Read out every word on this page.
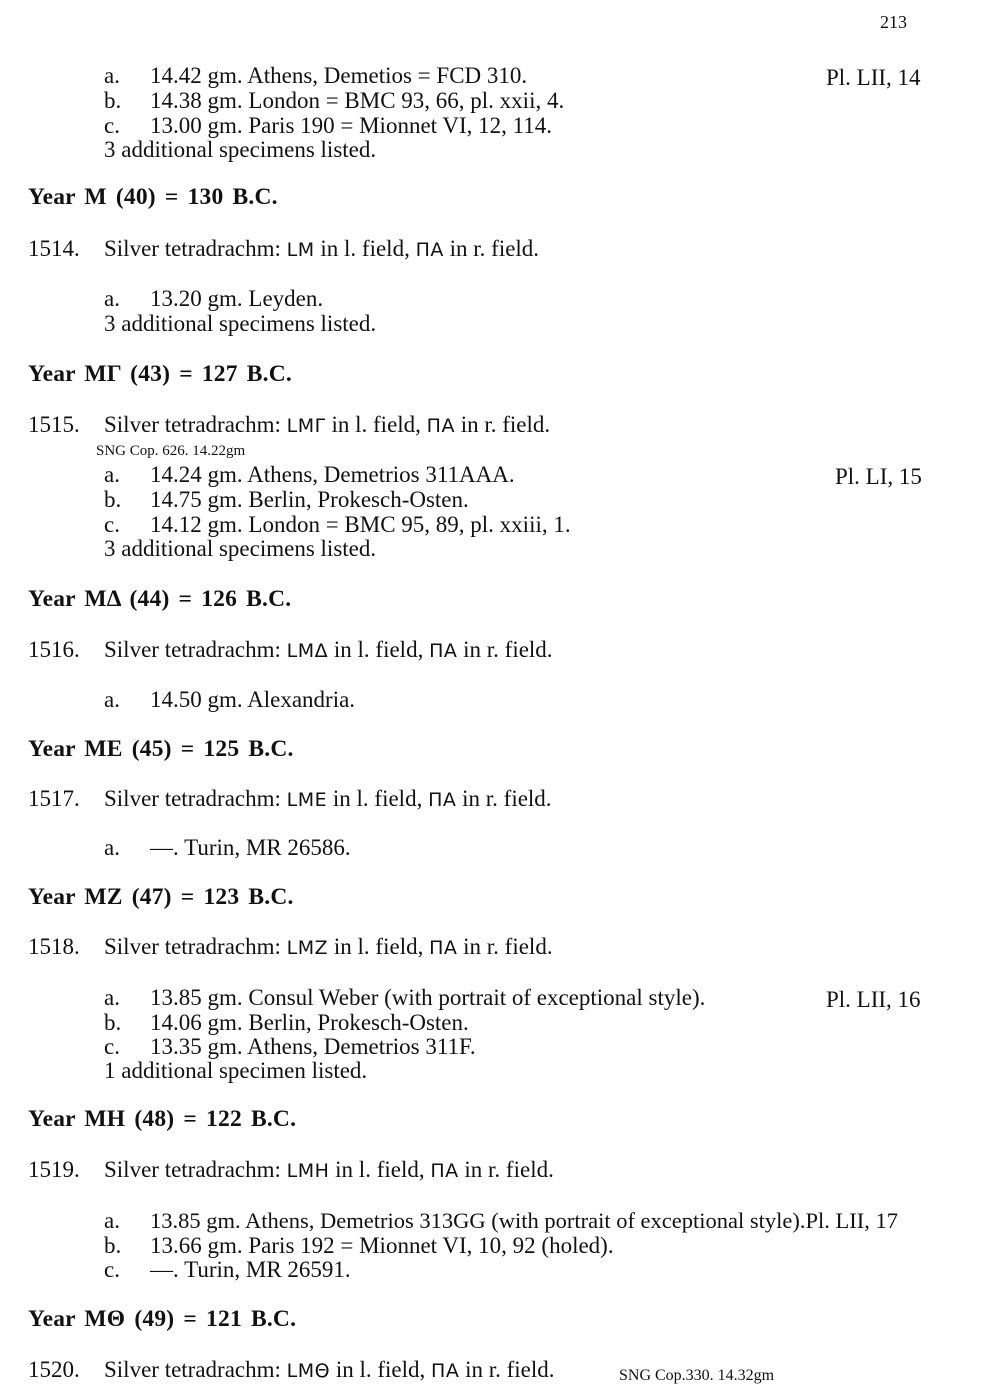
213
a. 14.42 gm. Athens, Demetios = FCD 310.	Pl. LII, 14
b. 14.38 gm. London = BMC 93, 66, pl. xxii, 4.
c. 13.00 gm. Paris 190 = Mionnet VI, 12, 114.
3 additional specimens listed.
Year M (40) = 130 B.C.
1514. Silver tetradrachm: LM in l. field, ΠA in r. field.
a. 13.20 gm. Leyden.
3 additional specimens listed.
Year MΓ (43) = 127 B.C.
1515. Silver tetradrachm: LMΓ in l. field, ΠA in r. field.
SNG Cop. 626. 14.22gm
a. 14.24 gm. Athens, Demetrios 311AAA.	Pl. LI, 15
b. 14.75 gm. Berlin, Prokesch-Osten.
c. 14.12 gm. London = BMC 95, 89, pl. xxiii, 1.
3 additional specimens listed.
Year MΔ (44) = 126 B.C.
1516. Silver tetradrachm: LMΔ in l. field, ΠA in r. field.
a. 14.50 gm. Alexandria.
Year ME (45) = 125 B.C.
1517. Silver tetradrachm: LME in l. field, ΠA in r. field.
a. —. Turin, MR 26586.
Year MZ (47) = 123 B.C.
1518. Silver tetradrachm: LMZ in l. field, ΠA in r. field.
a. 13.85 gm. Consul Weber (with portrait of exceptional style).	Pl. LII, 16
b. 14.06 gm. Berlin, Prokesch-Osten.
c. 13.35 gm. Athens, Demetrios 311F.
1 additional specimen listed.
Year MH (48) = 122 B.C.
1519. Silver tetradrachm: LMH in l. field, ΠA in r. field.
a. 13.85 gm. Athens, Demetrios 313GG (with portrait of exceptional style).Pl. LII, 17
b. 13.66 gm. Paris 192 = Mionnet VI, 10, 92 (holed).
c. —. Turin, MR 26591.
Year MΘ (49) = 121 B.C.
1520. Silver tetradrachm: LMΘ in l. field, ΠA in r. field.	SNG Cop.330. 14.32gm
